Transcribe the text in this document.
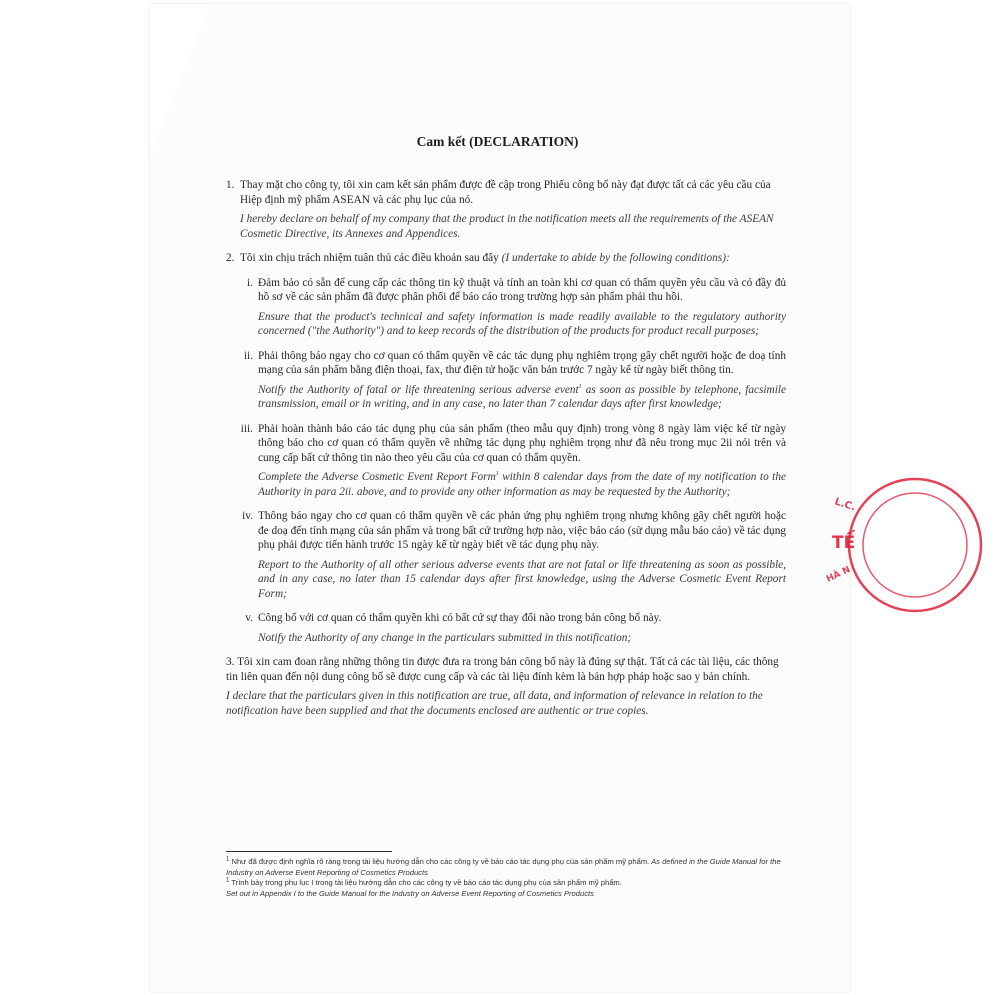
L.C.
TẾ
HÀ N
Cam kết (DECLARATION)
1. Thay mặt cho công ty, tôi xin cam kết sản phẩm được đề cập trong Phiếu công bố này đạt được tất cả các yêu cầu của Hiệp định mỹ phẩm ASEAN và các phụ lục của nó.

I hereby declare on behalf of my company that the product in the notification meets all the requirements of the ASEAN Cosmetic Directive, its Annexes and Appendices.

2. Tôi xin chịu trách nhiệm tuân thủ các điều khoản sau đây (I undertake to abide by the following conditions):

i. Đảm bảo có sẵn để cung cấp các thông tin kỹ thuật và tính an toàn khi cơ quan có thẩm quyền yêu cầu và có đầy đủ hồ sơ về các sản phẩm đã được phân phối để báo cáo trong trường hợp sản phẩm phải thu hồi.

Ensure that the product's technical and safety information is made readily available to the regulatory authority concerned ("the Authority") and to keep records of the distribution of the products for product recall purposes;

ii. Phải thông báo ngay cho cơ quan có thẩm quyền về các tác dụng phụ nghiêm trọng gây chết người hoặc đe doạ tính mạng của sản phẩm bằng điện thoại, fax, thư điện tử hoặc văn bản trước 7 ngày kể từ ngày biết thông tin.

Notify the Authority of fatal or life threatening serious adverse event$^1$ as soon as possible by telephone, facsimile transmission, email or in writing, and in any case, no later than 7 calendar days after first knowledge;

iii. Phải hoàn thành báo cáo tác dụng phụ của sản phẩm (theo mẫu quy định) trong vòng 8 ngày làm việc kể từ ngày thông báo cho cơ quan có thẩm quyền về những tác dụng phụ nghiêm trọng như đã nêu trong mục 2ii nói trên và cung cấp bất cứ thông tin nào theo yêu cầu của cơ quan có thẩm quyền.

Complete the Adverse Cosmetic Event Report Form$^1$ within 8 calendar days from the date of my notification to the Authority in para 2ii. above, and to provide any other information as may be requested by the Authority;

iv. Thông báo ngay cho cơ quan có thẩm quyền về các phản ứng phụ nghiêm trọng nhưng không gây chết người hoặc đe doạ đến tính mạng của sản phẩm và trong bất cứ trường hợp nào, việc báo cáo (sử dụng mẫu báo cáo) về tác dụng phụ phải được tiến hành trước 15 ngày kể từ ngày biết về tác dụng phụ này.

Report to the Authority of all other serious adverse events that are not fatal or life threatening as soon as possible, and in any case, no later than 15 calendar days after first knowledge, using the Adverse Cosmetic Event Report Form;

v. Công bố với cơ quan có thẩm quyền khi có bất cứ sự thay đổi nào trong bản công bố này.

Notify the Authority of any change in the particulars submitted in this notification;

3. Tôi xin cam đoan rằng những thông tin được đưa ra trong bản công bố này là đúng sự thật. Tất cả các tài liệu, các thông tin liên quan đến nội dung công bố sẽ được cung cấp và các tài liệu đính kèm là bản hợp pháp hoặc sao y bản chính.

I declare that the particulars given in this notification are true, all data, and information of relevance in relation to the notification have been supplied and that the documents enclosed are authentic or true copies.

$^1$ Như đã được định nghĩa rõ ràng trong tài liệu hướng dẫn cho các công ty về báo cáo tác dụng phụ của sản phẩm mỹ phẩm. As defined in the Guide Manual for the Industry on Adverse Event Reporting of Cosmetics Products

$^1$ Trình bày trong phụ lục I trong tài liệu hướng dẫn cho các công ty về báo cáo tác dụng phụ của sản phẩm mỹ phẩm.

Set out in Appendix I to the Guide Manual for the Industry on Adverse Event Reporting of Cosmetics Products
